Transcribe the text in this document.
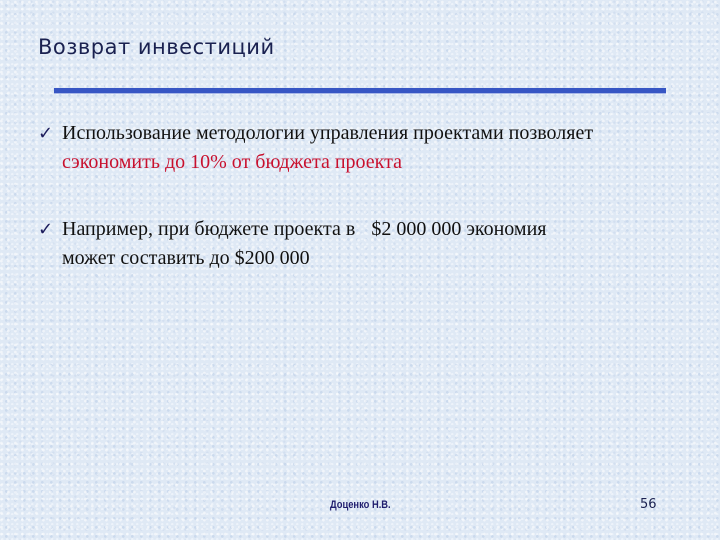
Возврат инвестиций
✓ Использование методологии управления проектами позволяет
сэкономить до 10% от бюджета проекта
✓ Например, при бюджете проекта в $2 000 000 экономия
может составить до $200 000
Доценко Н.В.	56
